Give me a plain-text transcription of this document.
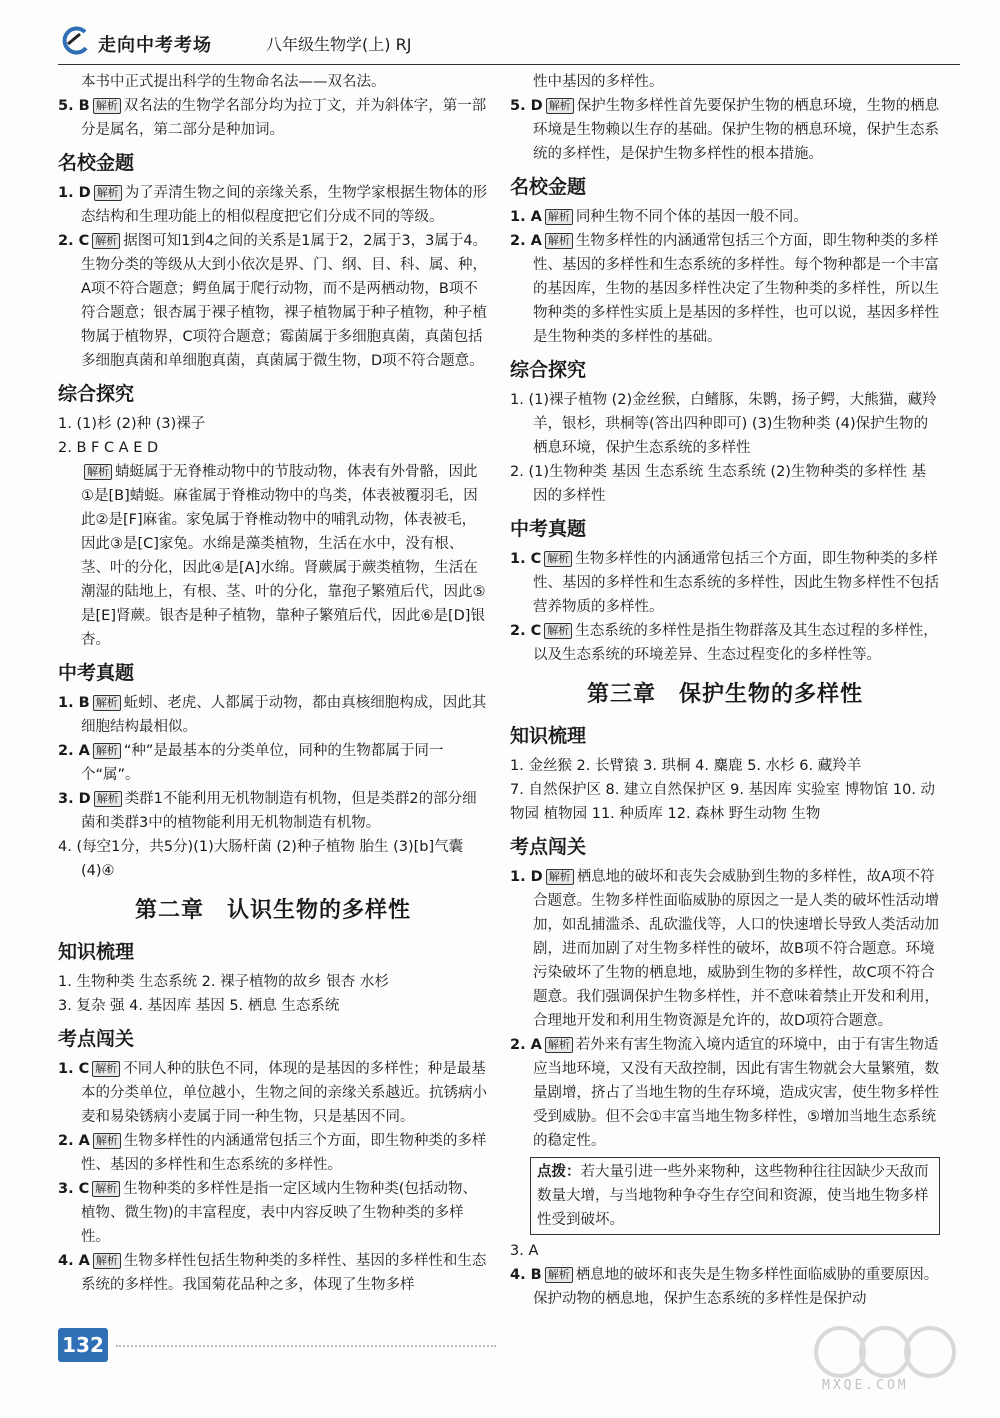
走向中考考场	八年级生物学(上) RJ

本书中正式提出科学的生物命名法——双名法。

5. B 解析 双名法的生物学名部分均为拉丁文，并为斜体字，第一部分是属名，第二部分是种加词。

名校金题

1. D 解析 为了弄清生物之间的亲缘关系，生物学家根据生物体的形态结构和生理功能上的相似程度把它们分成不同的等级。

2. C 解析 据图可知1到4之间的关系是1属于2，2属于3，3属于4。生物分类的等级从大到小依次是界、门、纲、目、科、属、种，A项不符合题意；鳄鱼属于爬行动物，而不是两栖动物，B项不符合题意；银杏属于裸子植物，裸子植物属于种子植物，种子植物属于植物界，C项符合题意；霉菌属于多细胞真菌，真菌包括多细胞真菌和单细胞真菌，真菌属于微生物，D项不符合题意。

综合探究

1. (1)杉 (2)种 (3)裸子

2. B F C A E D

解析 蜻蜓属于无脊椎动物中的节肢动物，体表有外骨骼，因此①是[B]蜻蜓。麻雀属于脊椎动物中的鸟类，体表被覆羽毛，因此②是[F]麻雀。家兔属于脊椎动物中的哺乳动物，体表被毛，因此③是[C]家兔。水绵是藻类植物，生活在水中，没有根、茎、叶的分化，因此④是[A]水绵。肾蕨属于蕨类植物，生活在潮湿的陆地上，有根、茎、叶的分化，靠孢子繁殖后代，因此⑤是[E]肾蕨。银杏是种子植物，靠种子繁殖后代，因此⑥是[D]银杏。

中考真题

1. B 解析 蚯蚓、老虎、人都属于动物，都由真核细胞构成，因此其细胞结构最相似。

2. A 解析 “种”是最基本的分类单位，同种的生物都属于同一个“属”。

3. D 解析 类群1不能利用无机物制造有机物，但是类群2的部分细菌和类群3中的植物能利用无机物制造有机物。

4. (每空1分，共5分)(1)大肠杆菌 (2)种子植物 胎生 (3)[b]气囊 (4)④

第二章　认识生物的多样性
知识梳理

1. 生物种类 生态系统 2. 裸子植物的故乡 银杏 水杉

3. 复杂 强 4. 基因库 基因 5. 栖息 生态系统

考点闯关

1. C 解析 不同人种的肤色不同，体现的是基因的多样性；种是最基本的分类单位，单位越小，生物之间的亲缘关系越近。抗锈病小麦和易染锈病小麦属于同一种生物，只是基因不同。

2. A 解析 生物多样性的内涵通常包括三个方面，即生物种类的多样性、基因的多样性和生态系统的多样性。

3. C 解析 生物种类的多样性是指一定区域内生物种类(包括动物、植物、微生物)的丰富程度，表中内容反映了生物种类的多样性。

4. A 解析 生物多样性包括生物种类的多样性、基因的多样性和生态系统的多样性。我国菊花品种之多，体现了生物多样

性中基因的多样性。

5. D 解析 保护生物多样性首先要保护生物的栖息环境，生物的栖息环境是生物赖以生存的基础。保护生物的栖息环境，保护生态系统的多样性，是保护生物多样性的根本措施。

名校金题

1. A 解析 同种生物不同个体的基因一般不同。

2. A 解析 生物多样性的内涵通常包括三个方面，即生物种类的多样性、基因的多样性和生态系统的多样性。每个物种都是一个丰富的基因库，生物的基因多样性决定了生物种类的多样性，所以生物种类的多样性实质上是基因的多样性，也可以说，基因多样性是生物种类的多样性的基础。

综合探究

1. (1)裸子植物 (2)金丝猴，白鳍豚，朱鹮，扬子鳄，大熊猫，藏羚羊，银杉，珙桐等(答出四种即可) (3)生物种类 (4)保护生物的栖息环境，保护生态系统的多样性

2. (1)生物种类 基因 生态系统 生态系统 (2)生物种类的多样性 基因的多样性

中考真题

1. C 解析 生物多样性的内涵通常包括三个方面，即生物种类的多样性、基因的多样性和生态系统的多样性，因此生物多样性不包括营养物质的多样性。

2. C 解析 生态系统的多样性是指生物群落及其生态过程的多样性，以及生态系统的环境差异、生态过程变化的多样性等。

第三章　保护生物的多样性
知识梳理

1. 金丝猴 2. 长臂猿 3. 珙桐 4. 麋鹿 5. 水杉 6. 藏羚羊

7. 自然保护区 8. 建立自然保护区 9. 基因库 实验室 博物馆 10. 动物园 植物园 11. 种质库 12. 森林 野生动物 生物

考点闯关

1. D 解析 栖息地的破坏和丧失会威胁到生物的多样性，故A项不符合题意。生物多样性面临威胁的原因之一是人类的破坏性活动增加，如乱捕滥杀、乱砍滥伐等，人口的快速增长导致人类活动加剧，进而加剧了对生物多样性的破坏，故B项不符合题意。环境污染破坏了生物的栖息地，威胁到生物的多样性，故C项不符合题意。我们强调保护生物多样性，并不意味着禁止开发和利用，合理地开发和利用生物资源是允许的，故D项符合题意。

2. A 解析 若外来有害生物流入境内适宜的环境中，由于有害生物适应当地环境，又没有天敌控制，因此有害生物就会大量繁殖，数量剧增，挤占了当地生物的生存环境，造成灾害，使生物多样性受到威胁。但不会①丰富当地生物多样性，⑤增加当地生态系统的稳定性。

点拨：若大量引进一些外来物种，这些物种往往因缺少天敌而数量大增，与当地物种争夺生存空间和资源，使当地生物多样性受到破坏。

3. A

4. B 解析 栖息地的破坏和丧失是生物多样性面临威胁的重要原因。保护动物的栖息地，保护生态系统的多样性是保护动

132
MXQE.COM
